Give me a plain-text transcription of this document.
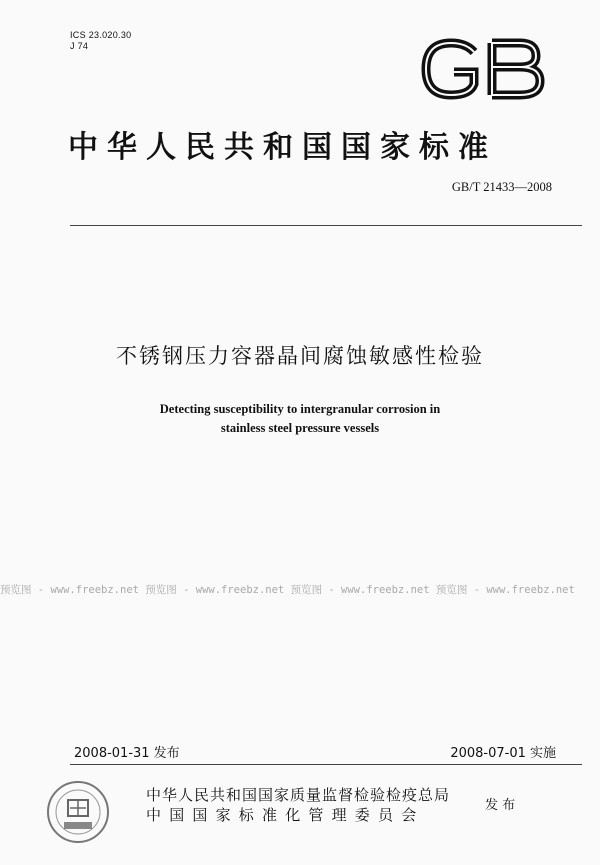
ICS 23.020.30
J 74
中华人民共和国国家标准
GB/T 21433—2008
不锈钢压力容器晶间腐蚀敏感性检验
Detecting susceptibility to intergranular corrosion in
stainless steel pressure vessels
预览图 - www.freebz.net 预览图 - www.freebz.net 预览图 - www.freebz.net 预览图 - www.freebz.net
2008-01-31 发布	2008-07-01 实施
中华人民共和国国家质量监督检验检疫总局
中国国家标准化管理委员会
发 布
